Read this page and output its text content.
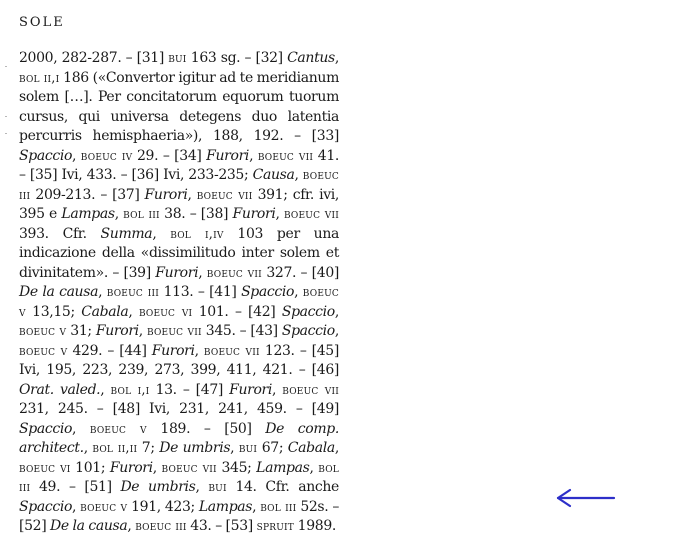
SOLE

2000, 282-287. – [31] bui 163 sg. – [32] Cantus, bol ii,i 186 («Convertor igitur ad te meridianum solem […]. Per concitatorum equorum tuorum cursus, qui universa detegens duo latentia percurris hemisphaeria»), 188, 192. – [33] Spaccio, boeuc iv 29. – [34] Furori, boeuc vii 41. – [35] Ivi, 433. – [36] Ivi, 233-235; Causa, boeuc iii 209-213. – [37] Furori, boeuc vii 391; cfr. ivi, 395 e Lampas, bol iii 38. – [38] Furori, boeuc vii 393. Cfr. Summa, bol i,iv 103 per una indicazione della «dissimilitudo inter solem et divinitatem». – [39] Furori, boeuc vii 327. – [40] De la causa, boeuc iii 113. – [41] Spaccio, boeuc v 13,15; Cabala, boeuc vi 101. – [42] Spaccio, boeuc v 31; Furori, boeuc vii 345. – [43] Spaccio, boeuc v 429. – [44] Furori, boeuc vii 123. – [45] Ivi, 195, 223, 239, 273, 399, 411, 421. – [46] Orat. valed., bol i,i 13. – [47] Furori, boeuc vii 231, 245. – [48] Ivi, 231, 241, 459. – [49] Spaccio, boeuc v 189. – [50] De comp. architect., bol ii,ii 7; De umbris, bui 67; Cabala, boeuc vi 101; Furori, boeuc vii 345; Lampas, bol iii 49. – [51] De umbris, bui 14. Cfr. anche Spaccio, boeuc v 191, 423; Lampas, bol iii 52s. – [52] De la causa, boeuc iii 43. – [53] spruit 1989.
